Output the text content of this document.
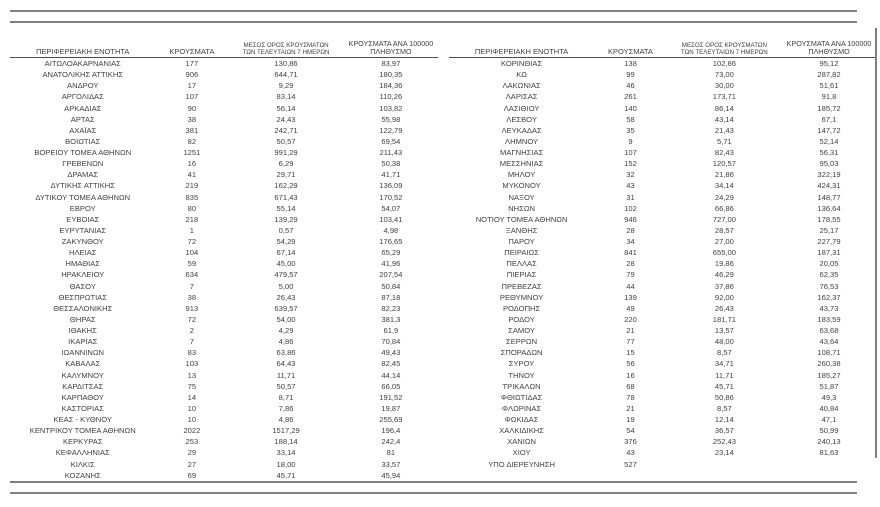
ΠΕΡΙΦΕΡΕΙΑΚΗ ΕΝΟΤΗΤΑ	ΚΡΟΥΣΜΑΤΑ
ΜΕΣΟΣ ΟΡΟΣ ΚΡΟΥΣΜΑΤΩΝ
ΤΩΝ ΤΕΛΕΥΤΑΙΩΝ 7 ΗΜΕΡΩΝ
ΚΡΟΥΣΜΑΤΑ ΑΝΑ 100000
ΠΛΗΘΥΣΜΟ
ΑΙΤΩΛΟΑΚΑΡΝΑΝΙΑΣ	177	130,86	83,97
ΑΝΑΤΟΛΙΚΗΣ ΑΤΤΙΚΗΣ	906	644,71	180,35
ΑΝΔΡΟΥ	17	9,29	184,36
ΑΡΓΟΛΙΔΑΣ	107	83,14	110,26
ΑΡΚΑΔΙΑΣ	90	56,14	103,82
ΑΡΤΑΣ	38	24,43	55,98
ΑΧΑΪΑΣ	381	242,71	122,79
ΒΟΙΩΤΙΑΣ	82	50,57	69,54
ΒΟΡΕΙΟΥ ΤΟΜΕΑ ΑΘΗΝΩΝ	1251	991,29	211,43
ΓΡΕΒΕΝΩΝ	16	6,29	50,38
ΔΡΑΜΑΣ	41	29,71	41,71
ΔΥΤΙΚΗΣ ΑΤΤΙΚΗΣ	219	162,29	136,09
ΔΥΤΙΚΟΥ ΤΟΜΕΑ ΑΘΗΝΩΝ	835	671,43	170,52
ΕΒΡΟΥ	80	55,14	54,07
ΕΥΒΟΙΑΣ	218	139,29	103,41
ΕΥΡΥΤΑΝΙΑΣ	1	0,57	4,98
ΖΑΚΥΝΘΟΥ	72	54,29	176,65
ΗΛΕΙΑΣ	104	67,14	65,29
ΗΜΑΘΙΑΣ	59	45,00	41,96
ΗΡΑΚΛΕΙΟΥ	634	479,57	207,54
ΘΑΣΟΥ	7	5,00	50,84
ΘΕΣΠΡΩΤΙΑΣ	38	26,43	87,18
ΘΕΣΣΑΛΟΝΙΚΗΣ	913	639,57	82,23
ΘΗΡΑΣ	72	54,00	381,3
ΙΘΑΚΗΣ	2	4,29	61,9
ΙΚΑΡΙΑΣ	7	4,86	70,84
ΙΩΑΝΝΙΝΩΝ	83	63,86	49,43
ΚΑΒΑΛΑΣ	103	64,43	82,45
ΚΑΛΥΜΝΟΥ	13	11,71	44,14
ΚΑΡΔΙΤΣΑΣ	75	50,57	66,05
ΚΑΡΠΑΘΟΥ	14	8,71	191,52
ΚΑΣΤΟΡΙΑΣ	10	7,86	19,87
ΚΕΑΣ - ΚΥΘΝΟΥ	10	4,86	255,69
ΚΕΝΤΡΙΚΟΥ ΤΟΜΕΑ ΑΘΗΝΩΝ	2022	1517,29	196,4
ΚΕΡΚΥΡΑΣ	253	188,14	242,4
ΚΕΦΑΛΛΗΝΙΑΣ	29	33,14	81
ΚΙΛΚΙΣ	27	18,00	33,57
ΚΟΖΑΝΗΣ	69	45,71	45,94
ΠΕΡΙΦΕΡΕΙΑΚΗ ΕΝΟΤΗΤΑ	ΚΡΟΥΣΜΑΤΑ
ΜΕΣΟΣ ΟΡΟΣ ΚΡΟΥΣΜΑΤΩΝ
ΤΩΝ ΤΕΛΕΥΤΑΙΩΝ 7 ΗΜΕΡΩΝ
ΚΡΟΥΣΜΑΤΑ ΑΝΑ 100000
ΠΛΗΘΥΣΜΟ
ΚΟΡΙΝΘΙΑΣ	138	102,86	95,12
ΚΩ	99	73,00	287,82
ΛΑΚΩΝΙΑΣ	46	30,00	51,61
ΛΑΡΙΣΑΣ	261	173,71	91,8
ΛΑΣΙΘΙΟΥ	140	86,14	185,72
ΛΕΣΒΟΥ	58	43,14	67,1
ΛΕΥΚΑΔΑΣ	35	21,43	147,72
ΛΗΜΝΟΥ	9	5,71	52,14
ΜΑΓΝΗΣΙΑΣ	107	82,43	56,31
ΜΕΣΣΗΝΙΑΣ	152	120,57	95,03
ΜΗΛΟΥ	32	21,86	322,19
ΜΥΚΟΝΟΥ	43	34,14	424,31
ΝΑΞΟΥ	31	24,29	148,77
ΝΗΣΩΝ	102	66,86	136,64
ΝΟΤΙΟΥ ΤΟΜΕΑ ΑΘΗΝΩΝ	946	727,00	178,55
ΞΑΝΘΗΣ	28	28,57	25,17
ΠΑΡΟΥ	34	27,00	227,79
ΠΕΙΡΑΙΩΣ	841	655,00	187,31
ΠΕΛΛΑΣ	28	19,86	20,05
ΠΙΕΡΙΑΣ	79	46,29	62,35
ΠΡΕΒΕΖΑΣ	44	37,86	76,53
ΡΕΘΥΜΝΟΥ	139	92,00	162,37
ΡΟΔΟΠΗΣ	49	26,43	43,73
ΡΟΔΟΥ	220	181,71	183,59
ΣΑΜΟΥ	21	13,57	63,68
ΣΕΡΡΩΝ	77	48,00	43,64
ΣΠΟΡΑΔΩΝ	15	8,57	108,71
ΣΥΡΟΥ	56	34,71	260,38
ΤΗΝΟΥ	16	11,71	185,27
ΤΡΙΚΑΛΩΝ	68	45,71	51,87
ΦΘΙΩΤΙΔΑΣ	78	50,86	49,3
ΦΛΩΡΙΝΑΣ	21	8,57	40,84
ΦΩΚΙΔΑΣ	19	12,14	47,1
ΧΑΛΚΙΔΙΚΗΣ	54	36,57	50,99
ΧΑΝΙΩΝ	376	252,43	240,13
ΧΙΟΥ	43	23,14	81,63
ΥΠΟ ΔΙΕΡΕΥΝΗΣΗ	527
